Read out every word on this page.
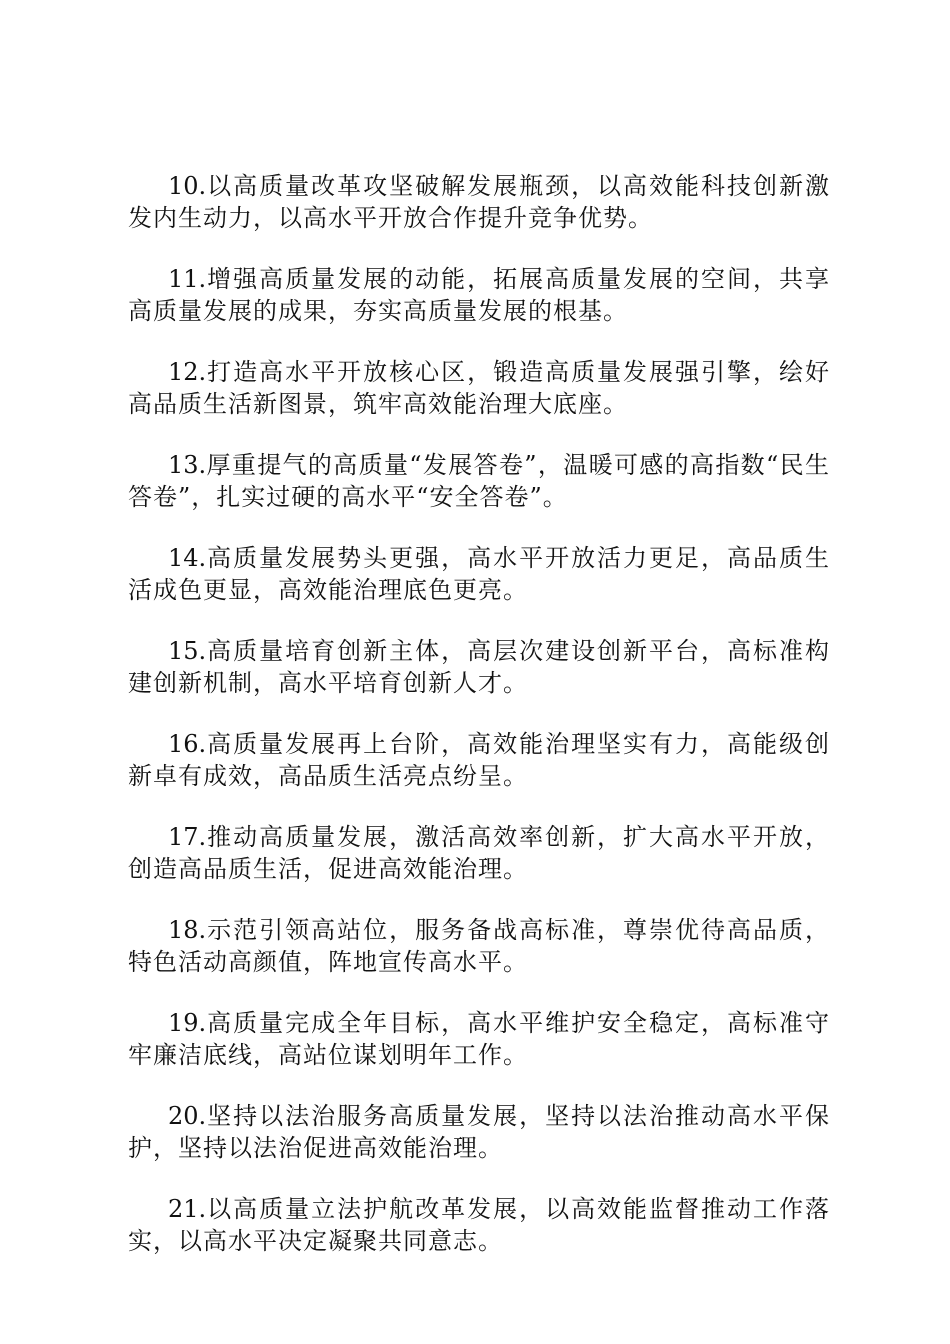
10.以高质量改革攻坚破解发展瓶颈，以高效能科技创新激发内生动力，以高水平开放合作提升竞争优势。

11.增强高质量发展的动能，拓展高质量发展的空间，共享高质量发展的成果，夯实高质量发展的根基。

12.打造高水平开放核心区，锻造高质量发展强引擎，绘好高品质生活新图景，筑牢高效能治理大底座。

13.厚重提气的高质量“发展答卷”，温暖可感的高指数“民生答卷”，扎实过硬的高水平“安全答卷”。

14.高质量发展势头更强，高水平开放活力更足，高品质生活成色更显，高效能治理底色更亮。

15.高质量培育创新主体，高层次建设创新平台，高标准构建创新机制，高水平培育创新人才。

16.高质量发展再上台阶，高效能治理坚实有力，高能级创新卓有成效，高品质生活亮点纷呈。

17.推动高质量发展，激活高效率创新，扩大高水平开放，创造高品质生活，促进高效能治理。

18.示范引领高站位，服务备战高标准，尊崇优待高品质，特色活动高颜值，阵地宣传高水平。

19.高质量完成全年目标，高水平维护安全稳定，高标准守牢廉洁底线，高站位谋划明年工作。

20.坚持以法治服务高质量发展，坚持以法治推动高水平保护，坚持以法治促进高效能治理。

21.以高质量立法护航改革发展，以高效能监督推动工作落实，以高水平决定凝聚共同意志。
